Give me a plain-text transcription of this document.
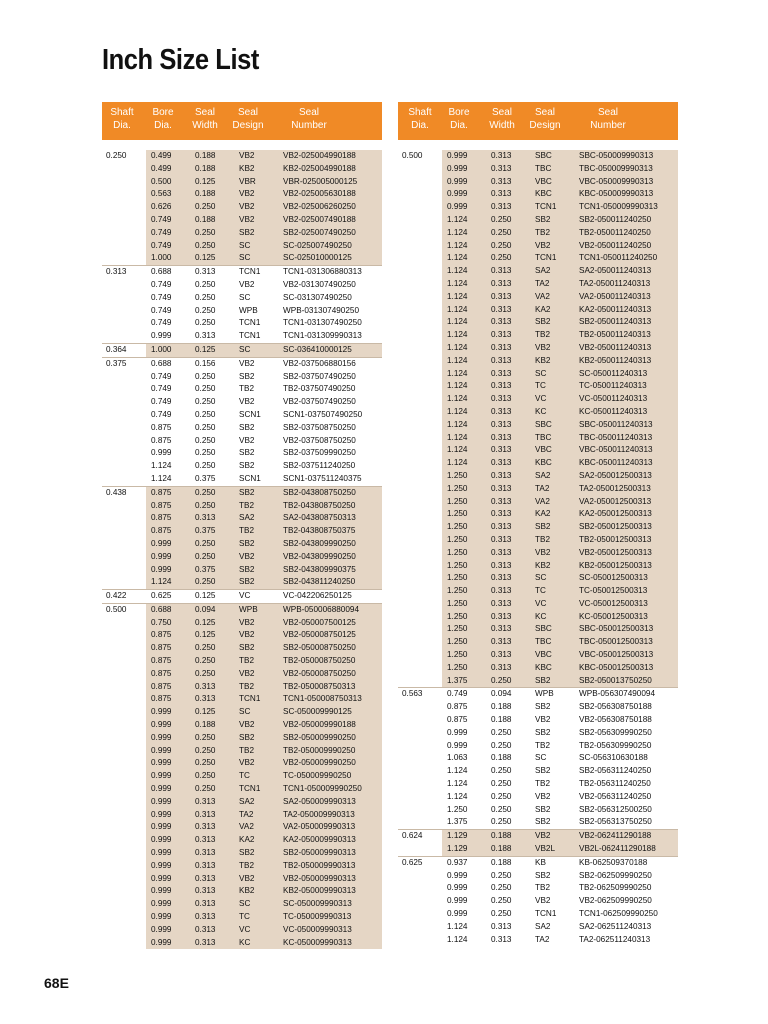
Inch Size List
Shaft
Dia.
Bore
Dia.
Seal
Width
Seal
Design
Seal
Number
0.250	0.499	0.188	VB2	VB2-025004990188
0.499	0.188	KB2	KB2-025004990188
0.500	0.125	VBR	VBR-025005000125
0.563	0.188	VB2	VB2-025005630188
0.626	0.250	VB2	VB2-025006260250
0.749	0.188	VB2	VB2-025007490188
0.749	0.250	SB2	SB2-025007490250
0.749	0.250	SC	SC-025007490250
1.000	0.125	SC	SC-025010000125
0.313	0.688	0.313	TCN1	TCN1-031306880313
0.749	0.250	VB2	VB2-031307490250
0.749	0.250	SC	SC-031307490250
0.749	0.250	WPB	WPB-031307490250
0.749	0.250	TCN1	TCN1-031307490250
0.999	0.313	TCN1	TCN1-031309990313
0.364	1.000	0.125	SC	SC-036410000125
0.375	0.688	0.156	VB2	VB2-037506880156
0.749	0.250	SB2	SB2-037507490250
0.749	0.250	TB2	TB2-037507490250
0.749	0.250	VB2	VB2-037507490250
0.749	0.250	SCN1	SCN1-037507490250
0.875	0.250	SB2	SB2-037508750250
0.875	0.250	VB2	VB2-037508750250
0.999	0.250	SB2	SB2-037509990250
1.124	0.250	SB2	SB2-037511240250
1.124	0.375	SCN1	SCN1-037511240375
0.438	0.875	0.250	SB2	SB2-043808750250
0.875	0.250	TB2	TB2-043808750250
0.875	0.313	SA2	SA2-043808750313
0.875	0.375	TB2	TB2-043808750375
0.999	0.250	SB2	SB2-043809990250
0.999	0.250	VB2	VB2-043809990250
0.999	0.375	SB2	SB2-043809990375
1.124	0.250	SB2	SB2-043811240250
0.422	0.625	0.125	VC	VC-042206250125
0.500	0.688	0.094	WPB	WPB-050006880094
0.750	0.125	VB2	VB2-050007500125
0.875	0.125	VB2	VB2-050008750125
0.875	0.250	SB2	SB2-050008750250
0.875	0.250	TB2	TB2-050008750250
0.875	0.250	VB2	VB2-050008750250
0.875	0.313	TB2	TB2-050008750313
0.875	0.313	TCN1	TCN1-050008750313
0.999	0.125	SC	SC-050009990125
0.999	0.188	VB2	VB2-050009990188
0.999	0.250	SB2	SB2-050009990250
0.999	0.250	TB2	TB2-050009990250
0.999	0.250	VB2	VB2-050009990250
0.999	0.250	TC	TC-050009990250
0.999	0.250	TCN1	TCN1-050009990250
0.999	0.313	SA2	SA2-050009990313
0.999	0.313	TA2	TA2-050009990313
0.999	0.313	VA2	VA2-050009990313
0.999	0.313	KA2	KA2-050009990313
0.999	0.313	SB2	SB2-050009990313
0.999	0.313	TB2	TB2-050009990313
0.999	0.313	VB2	VB2-050009990313
0.999	0.313	KB2	KB2-050009990313
0.999	0.313	SC	SC-050009990313
0.999	0.313	TC	TC-050009990313
0.999	0.313	VC	VC-050009990313
0.999	0.313	KC	KC-050009990313
Shaft
Dia.
Bore
Dia.
Seal
Width
Seal
Design
Seal
Number
0.500	0.999	0.313	SBC	SBC-050009990313
0.999	0.313	TBC	TBC-050009990313
0.999	0.313	VBC	VBC-050009990313
0.999	0.313	KBC	KBC-050009990313
0.999	0.313	TCN1	TCN1-050009990313
1.124	0.250	SB2	SB2-050011240250
1.124	0.250	TB2	TB2-050011240250
1.124	0.250	VB2	VB2-050011240250
1.124	0.250	TCN1	TCN1-050011240250
1.124	0.313	SA2	SA2-050011240313
1.124	0.313	TA2	TA2-050011240313
1.124	0.313	VA2	VA2-050011240313
1.124	0.313	KA2	KA2-050011240313
1.124	0.313	SB2	SB2-050011240313
1.124	0.313	TB2	TB2-050011240313
1.124	0.313	VB2	VB2-050011240313
1.124	0.313	KB2	KB2-050011240313
1.124	0.313	SC	SC-050011240313
1.124	0.313	TC	TC-050011240313
1.124	0.313	VC	VC-050011240313
1.124	0.313	KC	KC-050011240313
1.124	0.313	SBC	SBC-050011240313
1.124	0.313	TBC	TBC-050011240313
1.124	0.313	VBC	VBC-050011240313
1.124	0.313	KBC	KBC-050011240313
1.250	0.313	SA2	SA2-050012500313
1.250	0.313	TA2	TA2-050012500313
1.250	0.313	VA2	VA2-050012500313
1.250	0.313	KA2	KA2-050012500313
1.250	0.313	SB2	SB2-050012500313
1.250	0.313	TB2	TB2-050012500313
1.250	0.313	VB2	VB2-050012500313
1.250	0.313	KB2	KB2-050012500313
1.250	0.313	SC	SC-050012500313
1.250	0.313	TC	TC-050012500313
1.250	0.313	VC	VC-050012500313
1.250	0.313	KC	KC-050012500313
1.250	0.313	SBC	SBC-050012500313
1.250	0.313	TBC	TBC-050012500313
1.250	0.313	VBC	VBC-050012500313
1.250	0.313	KBC	KBC-050012500313
1.375	0.250	SB2	SB2-050013750250
0.563	0.749	0.094	WPB	WPB-056307490094
0.875	0.188	SB2	SB2-056308750188
0.875	0.188	VB2	VB2-056308750188
0.999	0.250	SB2	SB2-056309990250
0.999	0.250	TB2	TB2-056309990250
1.063	0.188	SC	SC-056310630188
1.124	0.250	SB2	SB2-056311240250
1.124	0.250	TB2	TB2-056311240250
1.124	0.250	VB2	VB2-056311240250
1.250	0.250	SB2	SB2-056312500250
1.375	0.250	SB2	SB2-056313750250
0.624	1.129	0.188	VB2	VB2-062411290188
1.129	0.188	VB2L	VB2L-062411290188
0.625	0.937	0.188	KB	KB-062509370188
0.999	0.250	SB2	SB2-062509990250
0.999	0.250	TB2	TB2-062509990250
0.999	0.250	VB2	VB2-062509990250
0.999	0.250	TCN1	TCN1-062509990250
1.124	0.313	SA2	SA2-062511240313
1.124	0.313	TA2	TA2-062511240313
68E
